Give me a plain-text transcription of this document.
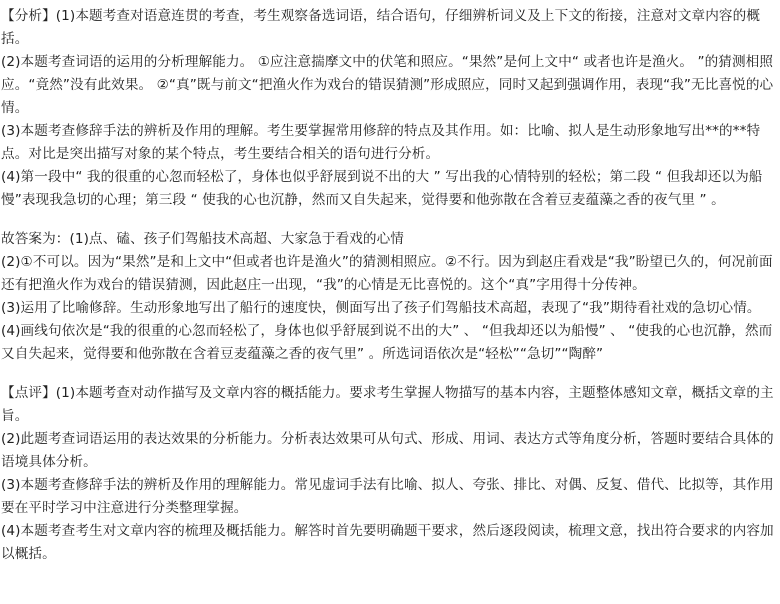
【分析】(1)本题考查对语意连贯的考查，考生观察备选词语，结合语句，仔细辨析词义及上下文的衔接，注意对文章内容的概括。

(2)本题考查词语的运用的分析理解能力。 ①应注意揣摩文中的伏笔和照应。“果然”是何上文中“ 或者也许是渔火。 ”的猜测相照应。“竟然”没有此效果。 ②“真”既与前文“把渔火作为戏台的错误猜测”形成照应，同时又起到强调作用，表现“我”无比喜悦的心情。

(3)本题考查修辞手法的辨析及作用的理解。考生要掌握常用修辞的特点及其作用。如：比喻、拟人是生动形象地写出**的**特点。对比是突出描写对象的某个特点，考生要结合相关的语句进行分析。

(4)第一段中“ 我的很重的心忽而轻松了，身体也似乎舒展到说不出的大 ” 写出我的心情特别的轻松；第二段 “ 但我却还以为船慢”表现我急切的心理；第三段 “ 使我的心也沉静，然而又自失起来，觉得要和他弥散在含着豆麦蕴藻之香的夜气里 ” 。

故答案为：(1)点、磕、孩子们驾船技术高超、大家急于看戏的心情

(2)①不可以。因为“果然”是和上文中“但或者也许是渔火”的猜测相照应。②不行。因为到赵庄看戏是“我”盼望已久的，何况前面还有把渔火作为戏台的错误猜测，因此赵庄一出现，“我”的心情是无比喜悦的。这个“真”字用得十分传神。

(3)运用了比喻修辞。生动形象地写出了船行的速度快，侧面写出了孩子们驾船技术高超，表现了“我”期待看社戏的急切心情。

(4)画线句依次是“我的很重的心忽而轻松了，身体也似乎舒展到说不出的大” 、 “但我却还以为船慢” 、 “使我的心也沉静，然而又自失起来，觉得要和他弥散在含着豆麦蕴藻之香的夜气里” 。所选词语依次是“轻松”“急切”“陶醉”

【点评】(1)本题考查对动作描写及文章内容的概括能力。要求考生掌握人物描写的基本内容，主题整体感知文章，概括文章的主旨。

(2)此题考查词语运用的表达效果的分析能力。分析表达效果可从句式、形成、用词、表达方式等角度分析，答题时要结合具体的语境具体分析。

(3)本题考查修辞手法的辨析及作用的理解能力。常见虚词手法有比喻、拟人、夸张、排比、对偶、反复、借代、比拟等，其作用要在平时学习中注意进行分类整理掌握。

(4)本题考查考生对文章内容的梳理及概括能力。解答时首先要明确题干要求，然后逐段阅读，梳理文意，找出符合要求的内容加以概括。
